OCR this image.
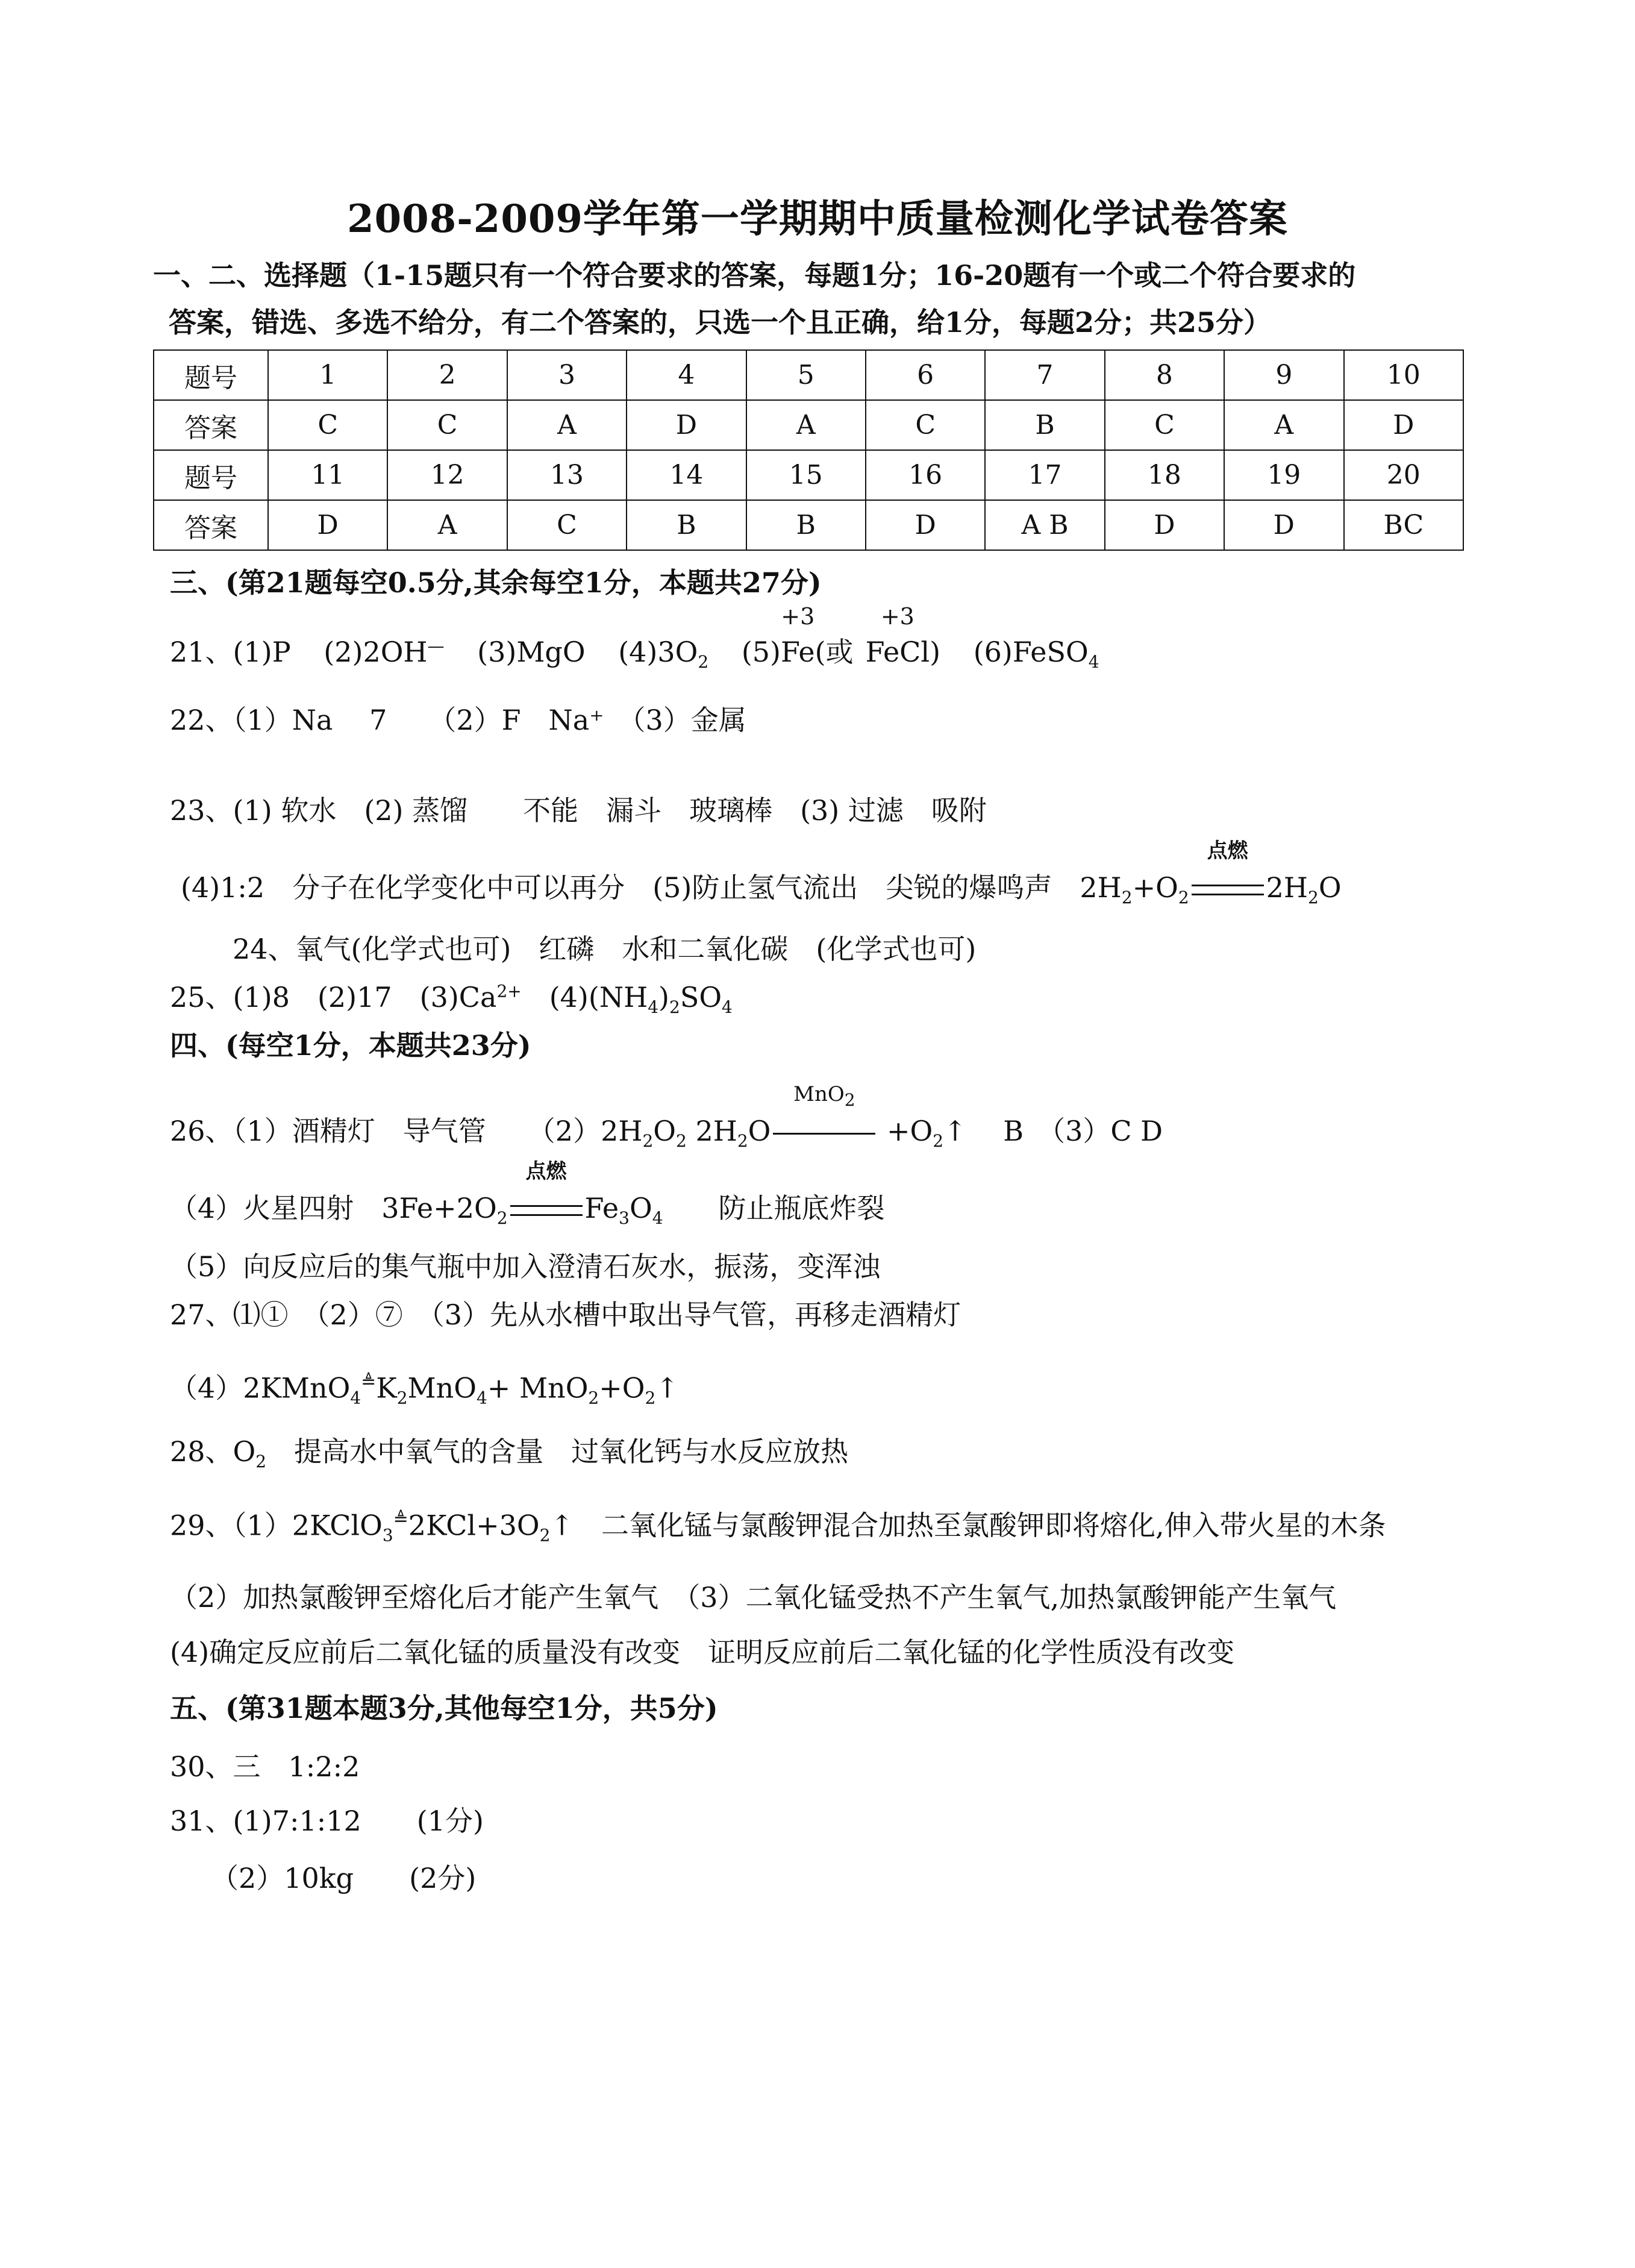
2008-2009学年第一学期期中质量检测化学试卷答案
一、二、选择题（1-15题只有一个符合要求的答案，每题1分；16-20题有一个或二个符合要求的
答案，错选、多选不给分，有二个答案的，只选一个且正确，给1分，每题2分；共25分）
题号	1	2	3	4	5	6	7	8	9	10
答案	C	C	A	D	A	C	B	C	A	D
题号	11	12	13	14	15	16	17	18	19	20
答案	D	A	C	B	B	D	A B	D	D	BC
三、(第21题每空0.5分,其余每空1分，本题共27分)
21、(1)P (2)2OH— (3)MgO $(4)3O_2$ (5)
+3
Fe(或
+3
FeCl) (6)FeSO$_4$
22、（1）Na　 7　　（2）F　Na⁺　（3）金属
23、(1) 软水　(2) 蒸馏　　不能　漏斗　玻璃棒　(3) 过滤　吸附
(4)1:2　分子在化学变化中可以再分　(5)防止氢气流出　尖锐的爆鸣声　$2H_2+O_2$
点燃
$2H_2O$
24、氧气(化学式也可)　红磷　水和二氧化碳　(化学式也可)
25、(1)8　(2)17　$(3)Ca^{2+}$　$(4)(NH_4)_2SO_4$
四、(每空1分，本题共23分)
26、（1）酒精灯　导气管　　$(2)2H_2O_2$ $2H_2O$
MnO$_2$
$+O_2↑$　 B　（3）C D
（4）火星四射　$3Fe+2O_2$
点燃
$Fe_3O_4$　　防止瓶底炸裂
（5）向反应后的集气瓶中加入澄清石灰水，振荡，变浑浊
27、⑴①　（2）⑦　（3）先从水槽中取出导气管，再移走酒精灯
$(4)2KMnO_4^≜K_2MnO_4+$ $MnO_2+O_2↑$
28、$O_2$　提高水中氧气的含量　过氧化钙与水反应放热
29、$(1)2KClO_3^≜2KCl+3O_2↑$　二氧化锰与氯酸钾混合加热至氯酸钾即将熔化,伸入带火星的木条
（2）加热氯酸钾至熔化后才能产生氧气　（3）二氧化锰受热不产生氧气,加热氯酸钾能产生氧气
(4)确定反应前后二氧化锰的质量没有改变　证明反应前后二氧化锰的化学性质没有改变
五、(第31题本题3分,其他每空1分，共5分)
30、三　1:2:2
31、(1)7:1:12　　(1分)
（2）10kg　　(2分)
